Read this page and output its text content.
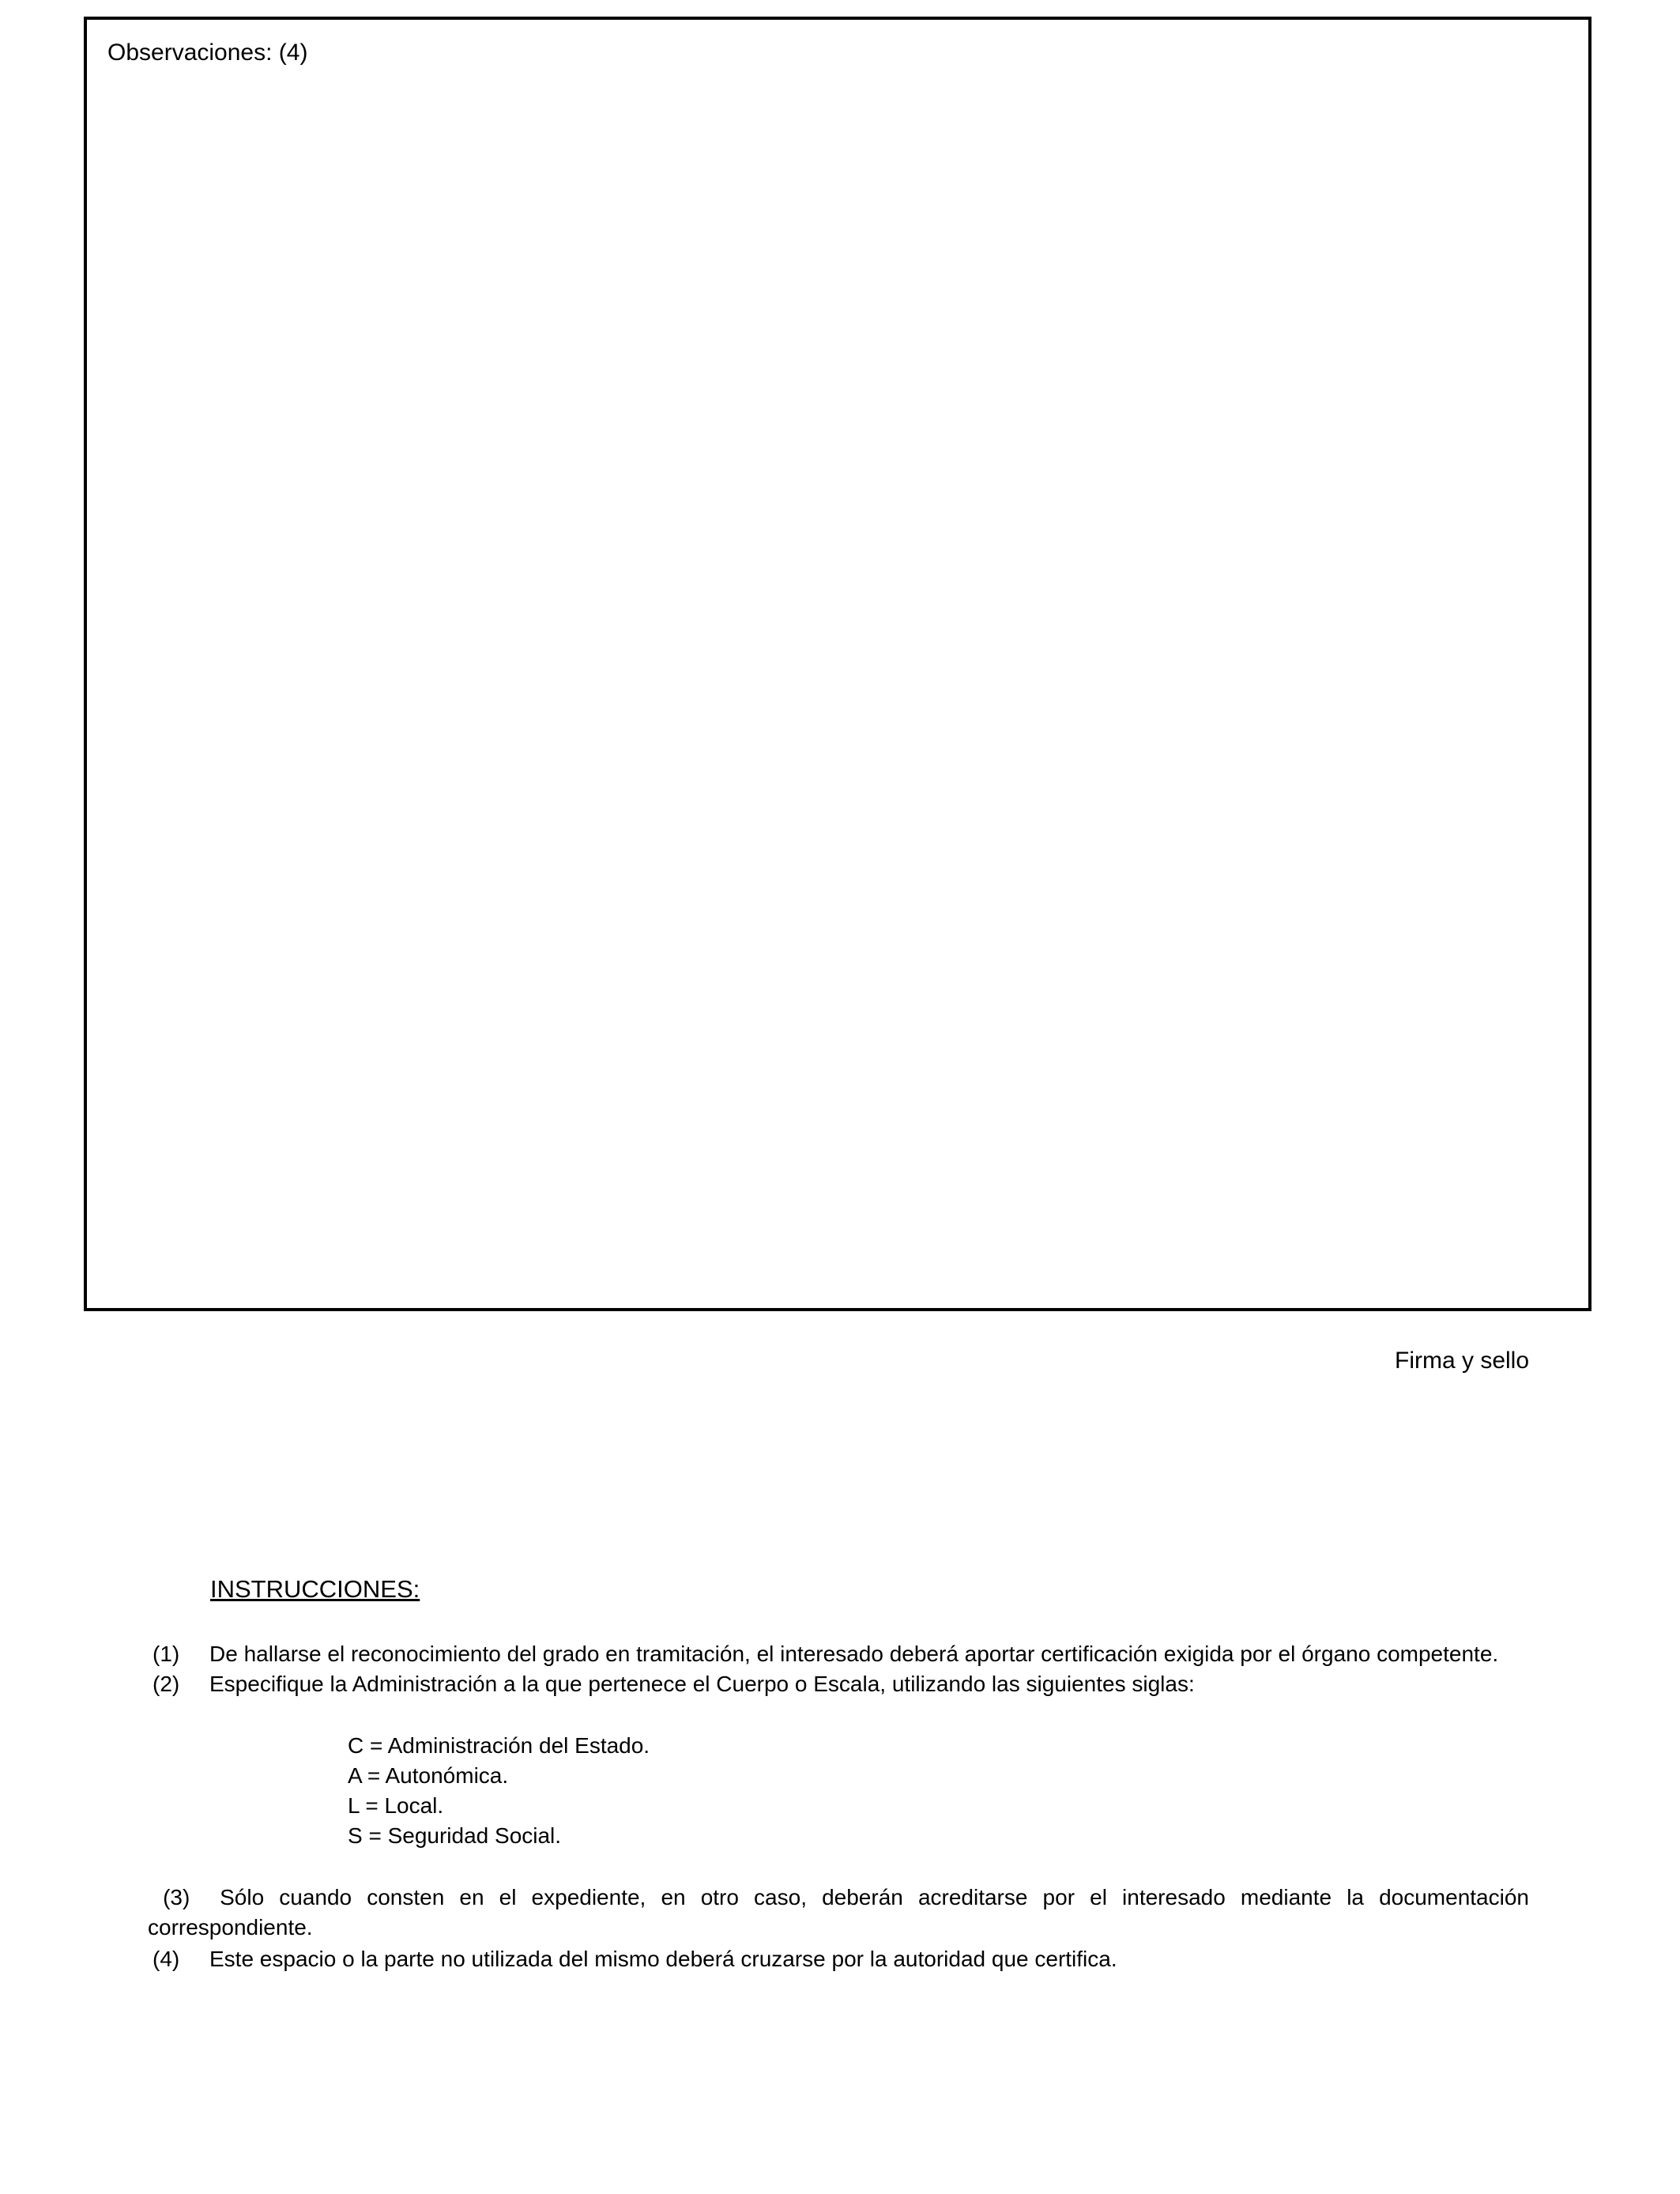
Observaciones: (4)
Firma y sello
INSTRUCCIONES:
(1) De hallarse el reconocimiento del grado en tramitación, el interesado deberá aportar certificación exigida por el órgano competente.
(2) Especifique la Administración a la que pertenece el Cuerpo o Escala, utilizando las siguientes siglas:
C = Administración del Estado.
A = Autonómica.
L = Local.
S = Seguridad Social.
(3) Sólo cuando consten en el expediente, en otro caso, deberán acreditarse por el interesado mediante la documentación correspondiente.
(4) Este espacio o la parte no utilizada del mismo deberá cruzarse por la autoridad que certifica.
